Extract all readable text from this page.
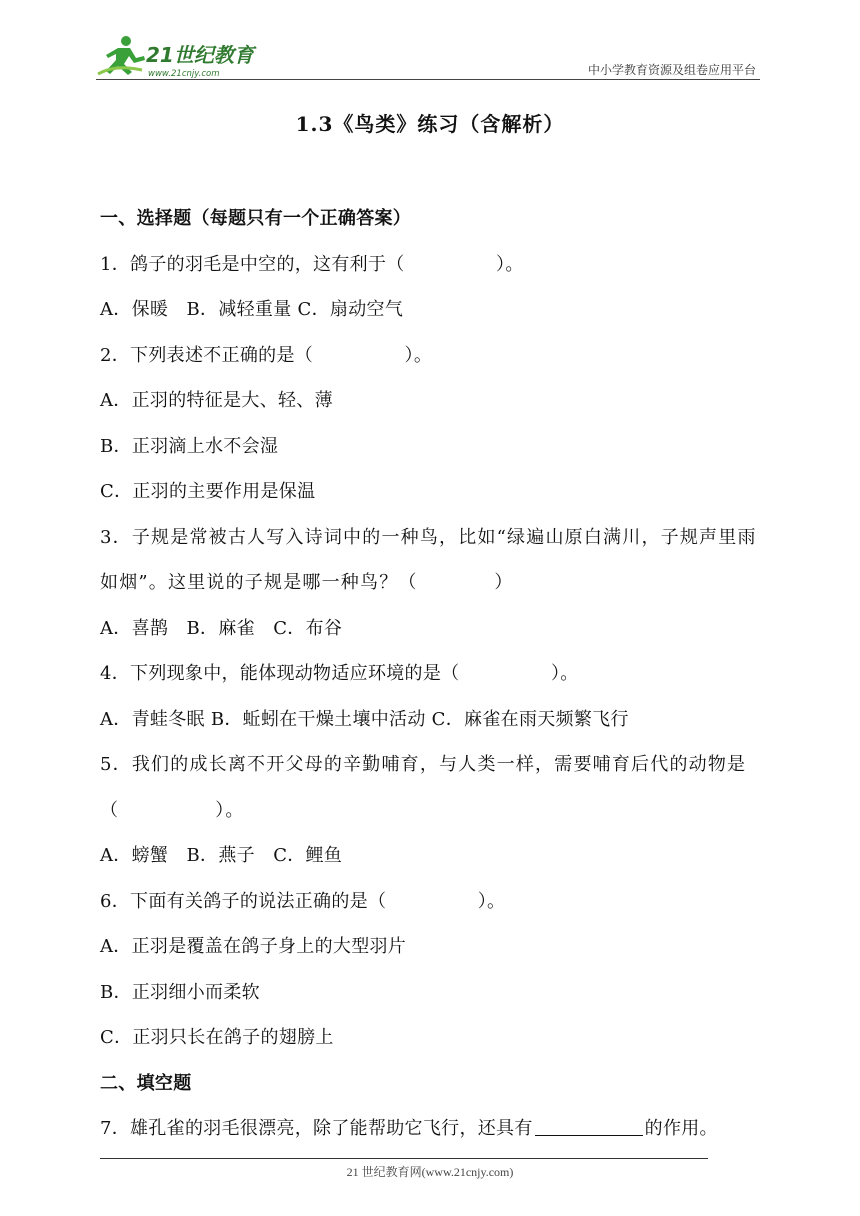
21世纪教育
www.21cnjy.com	中小学教育资源及组卷应用平台
1.3《鸟类》练习（含解析）

一、选择题（每题只有一个正确答案）

1．鸽子的羽毛是中空的，这有利于（　　　　　）。

A．保暖　B．减轻重量 C．扇动空气

2．下列表述不正确的是（　　　　　）。

A．正羽的特征是大、轻、薄

B．正羽滴上水不会湿

C．正羽的主要作用是保温

3．子规是常被古人写入诗词中的一种鸟，比如“绿遍山原白满川，子规声里雨如烟”。这里说的子规是哪一种鸟？（　　　　）

A．喜鹊　B．麻雀　C．布谷

4．下列现象中，能体现动物适应环境的是（　　　　　）。

A．青蛙冬眠 B．蚯蚓在干燥土壤中活动 C．麻雀在雨天频繁飞行

5．我们的成长离不开父母的辛勤哺育，与人类一样，需要哺育后代的动物是（　　　　　）。

A．螃蟹　B．燕子　C．鲤鱼

6．下面有关鸽子的说法正确的是（　　　　　）。

A．正羽是覆盖在鸽子身上的大型羽片

B．正羽细小而柔软

C．正羽只长在鸽子的翅膀上

二、填空题

7．雄孔雀的羽毛很漂亮，除了能帮助它飞行，还具有	的作用。

21 世纪教育网(www.21cnjy.com)
